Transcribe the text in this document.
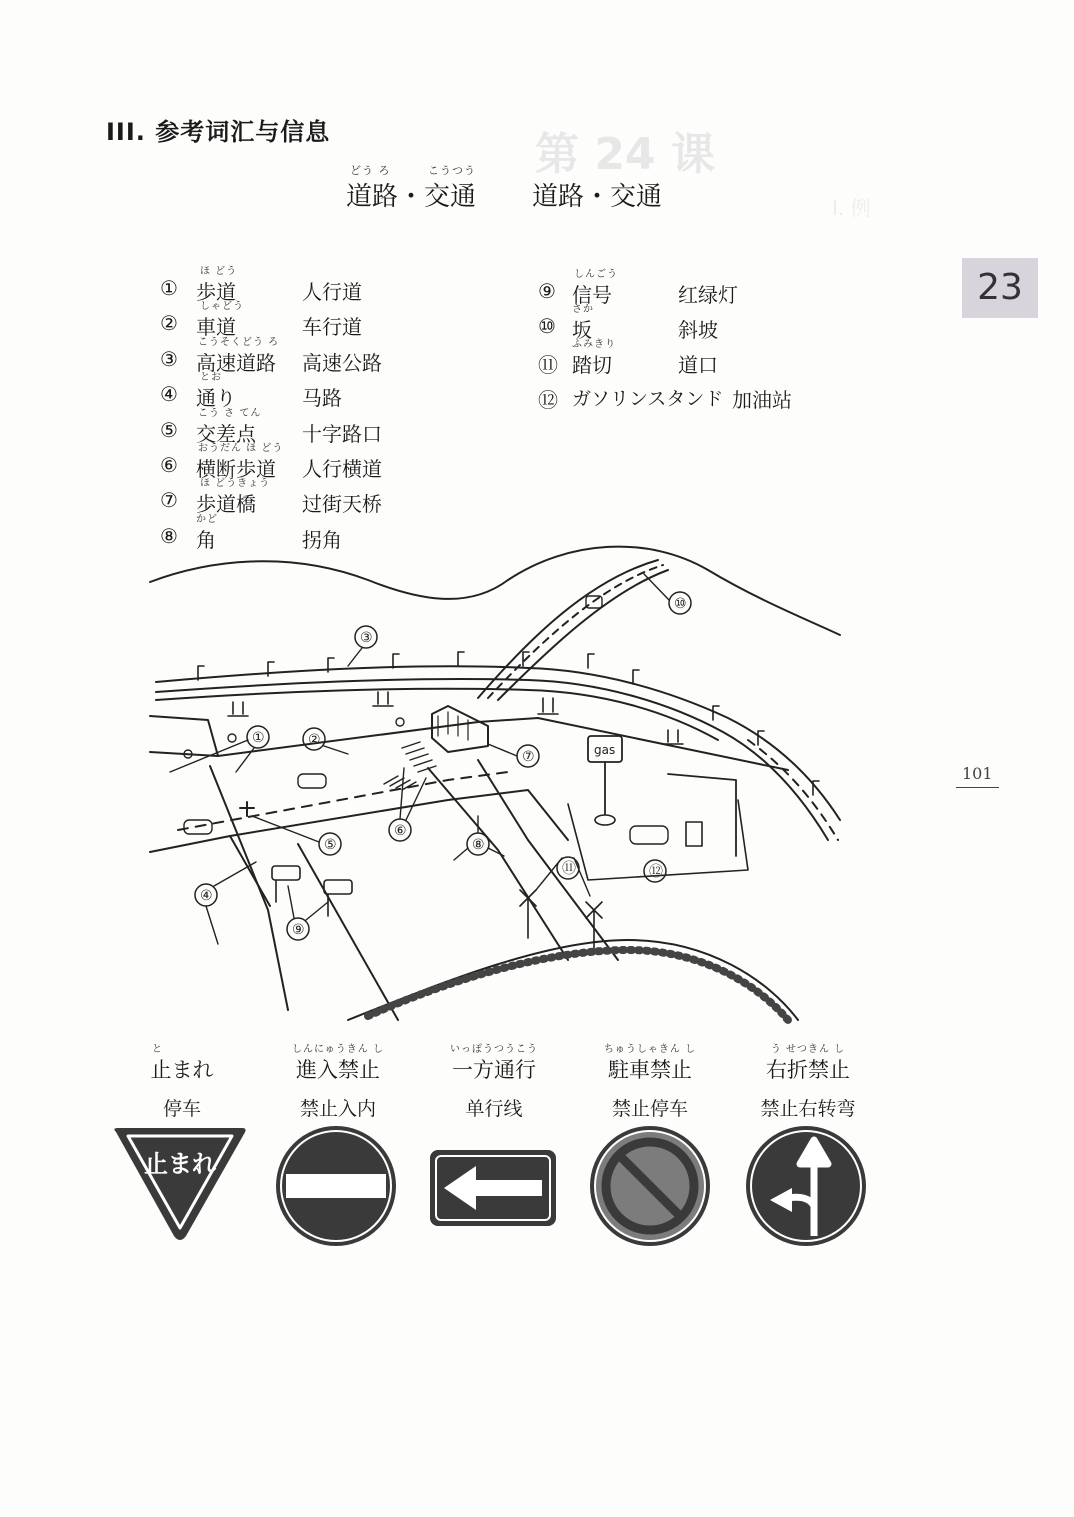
第 24 课
I. 例
III. 参考词汇与信息
どう ろ	こうつう
道路・交通 道路・交通
23
101
①
ほ どう
歩道	人行道
②
しゃどう
車道	车行道
③
こうそくどう ろ
高速道路 高速公路
④
とお
通り	马路
⑤
こう さ てん
交差点 十字路口
⑥
おうだん ほ どう
横断歩道 人行横道
⑦
ほ どうきょう
歩道橋 过街天桥
⑧
かど
角	拐角
⑨
しんごう
信号	红绿灯
⑩
さか
坂	斜坡
⑪
ふみきり
踏切	道口
⑫ ガソリンスタンド 加油站
gas
①	②
③
④
⑤
⑥
⑦
⑧
⑨
⑩
⑪	⑫
と
止まれ
停车
しんにゅうきん し
進入禁止
禁止入内
いっぽうつうこう
一方通行
单行线
ちゅうしゃきん し
駐車禁止
禁止停车
う せつきん し
右折禁止
禁止右转弯
止まれ
